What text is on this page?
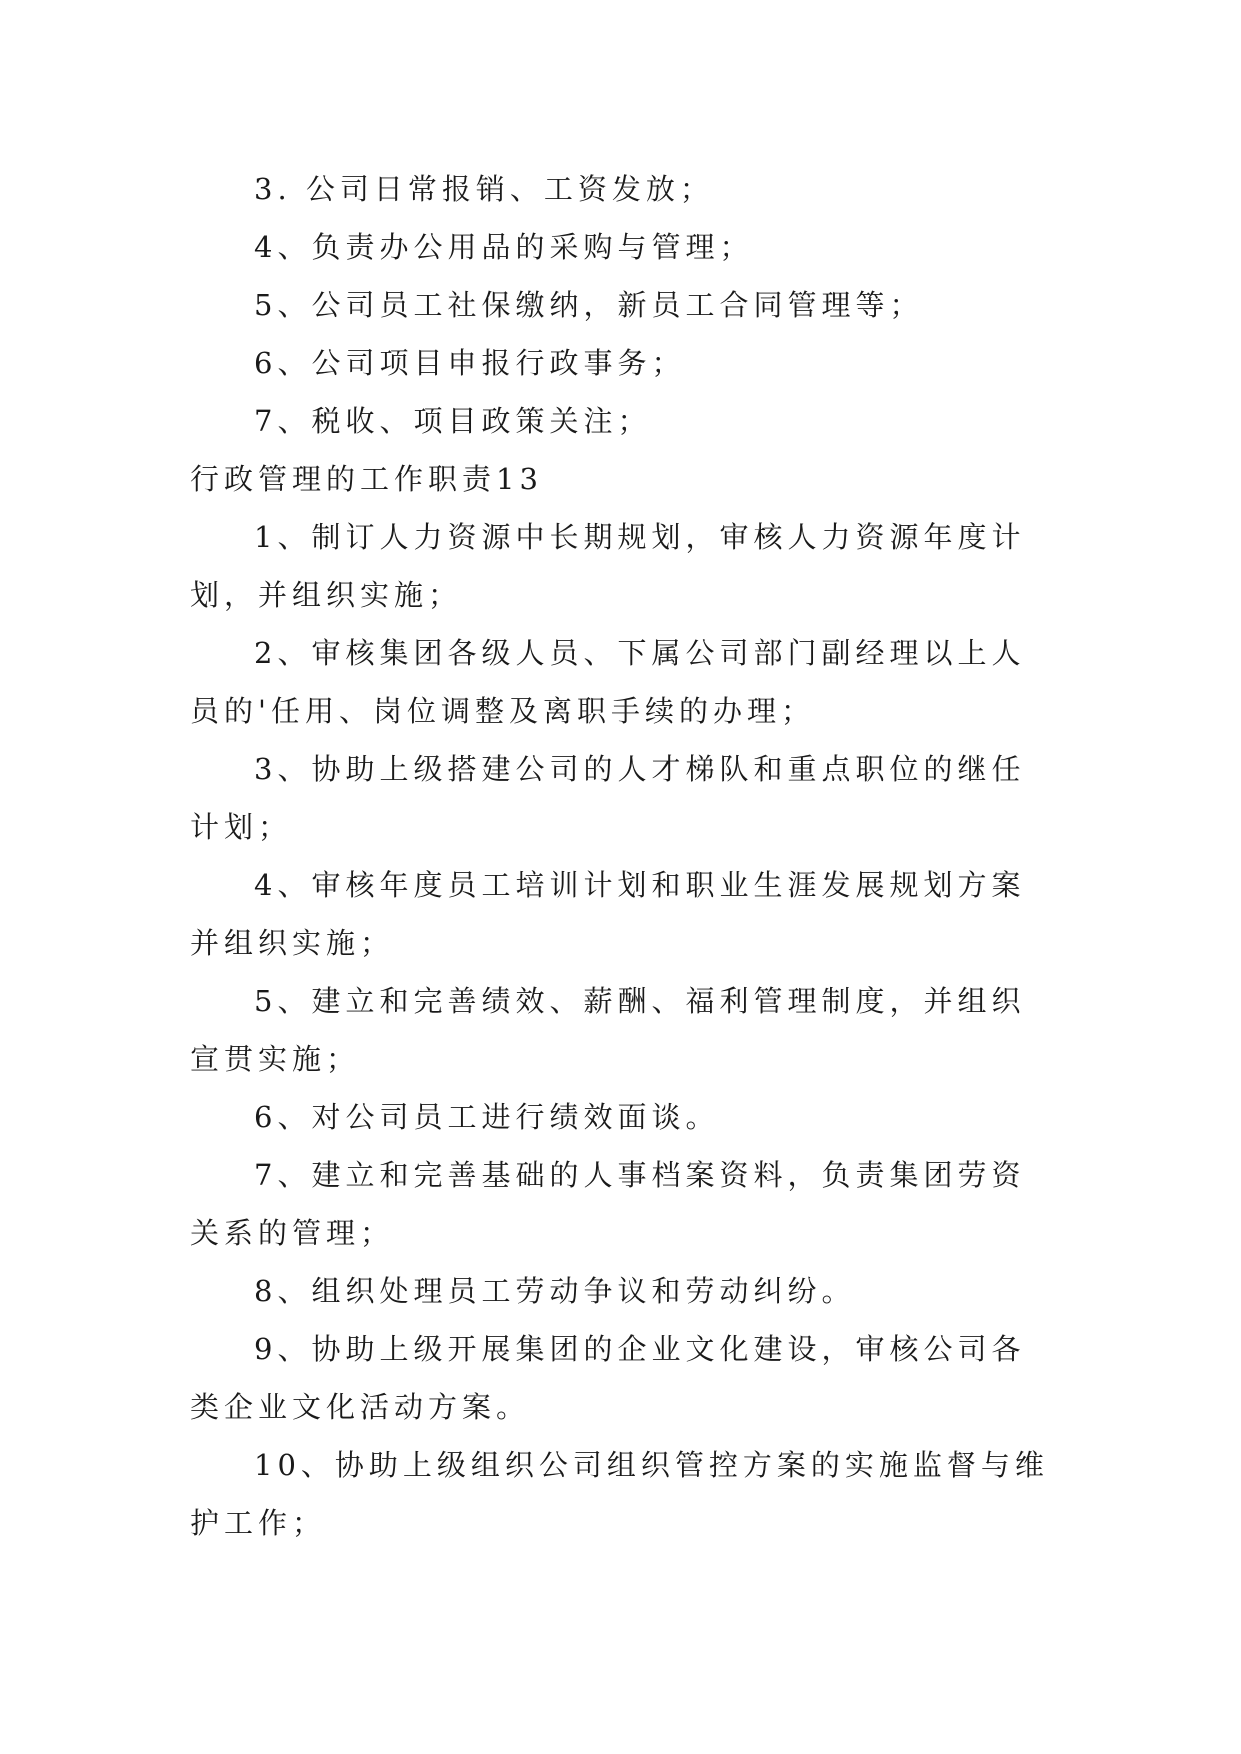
3. 公司日常报销、工资发放；

4、负责办公用品的采购与管理；

5、公司员工社保缴纳，新员工合同管理等；

6、公司项目申报行政事务；

7、税收、项目政策关注；

行政管理的工作职责13

1、制订人力资源中长期规划，审核人力资源年度计划，并组织实施；

2、审核集团各级人员、下属公司部门副经理以上人员的'任用、岗位调整及离职手续的办理；

3、协助上级搭建公司的人才梯队和重点职位的继任计划；

4、审核年度员工培训计划和职业生涯发展规划方案并组织实施；

5、建立和完善绩效、薪酬、福利管理制度，并组织宣贯实施；

6、对公司员工进行绩效面谈。

7、建立和完善基础的人事档案资料，负责集团劳资关系的管理；

8、组织处理员工劳动争议和劳动纠纷。

9、协助上级开展集团的企业文化建设，审核公司各类企业文化活动方案。

10、协助上级组织公司组织管控方案的实施监督与维护工作；
